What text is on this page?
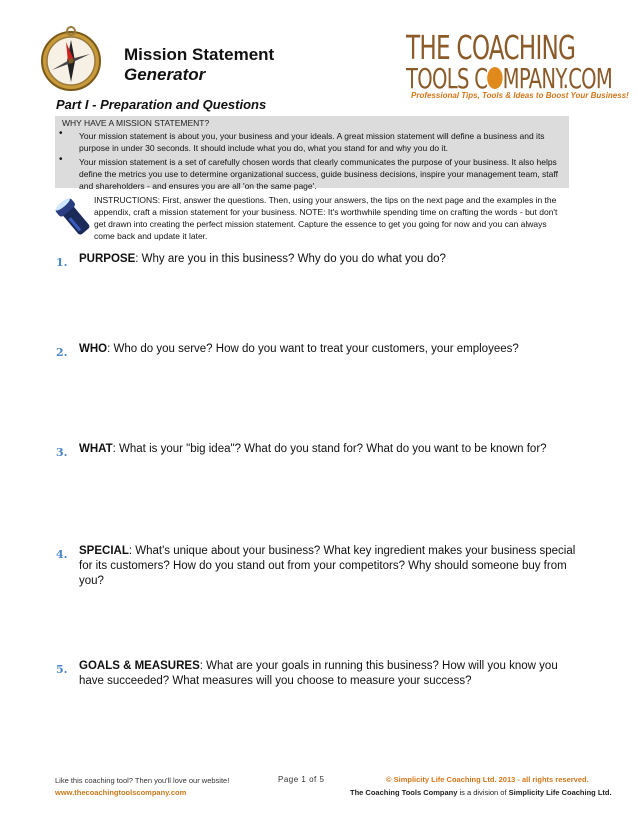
Mission Statement
Generator
THE COACHING
TOOLS C MPANY.COM
Professional Tips, Tools & Ideas to Boost Your Business!
Part I - Preparation and Questions
WHY HAVE A MISSION STATEMENT?
• Your mission statement is about you, your business and your ideals. A great mission statement will define a business and its purpose in under 30 seconds. It should include what you do, what you stand for and why you do it.
• Your mission statement is a set of carefully chosen words that clearly communicates the purpose of your business. It also helps define the metrics you use to determine organizational success, guide business decisions, inspire your management team, staff and shareholders - and ensures you are all 'on the same page'.
INSTRUCTIONS: First, answer the questions. Then, using your answers, the tips on the next page and the examples in the appendix, craft a mission statement for your business. NOTE: It's worthwhile spending time on crafting the words - but don't get drawn into creating the perfect mission statement. Capture the essence to get you going for now and you can always come back and update it later.
1. PURPOSE: Why are you in this business? Why do you do what you do?
2. WHO: Who do you serve? How do you want to treat your customers, your employees?
3. WHAT: What is your "big idea"? What do you stand for? What do you want to be known for?
4. SPECIAL: What's unique about your business? What key ingredient makes your business special for its customers? How do you stand out from your competitors? Why should someone buy from you?
5. GOALS & MEASURES: What are your goals in running this business? How will you know you have succeeded? What measures will you choose to measure your success?
Like this coaching tool? Then you'll love our website!
www.thecoachingtoolscompany.com
Page 1 of 5	© Simplicity Life Coaching Ltd. 2013 - all rights reserved.
The Coaching Tools Company is a division of Simplicity Life Coaching Ltd.
